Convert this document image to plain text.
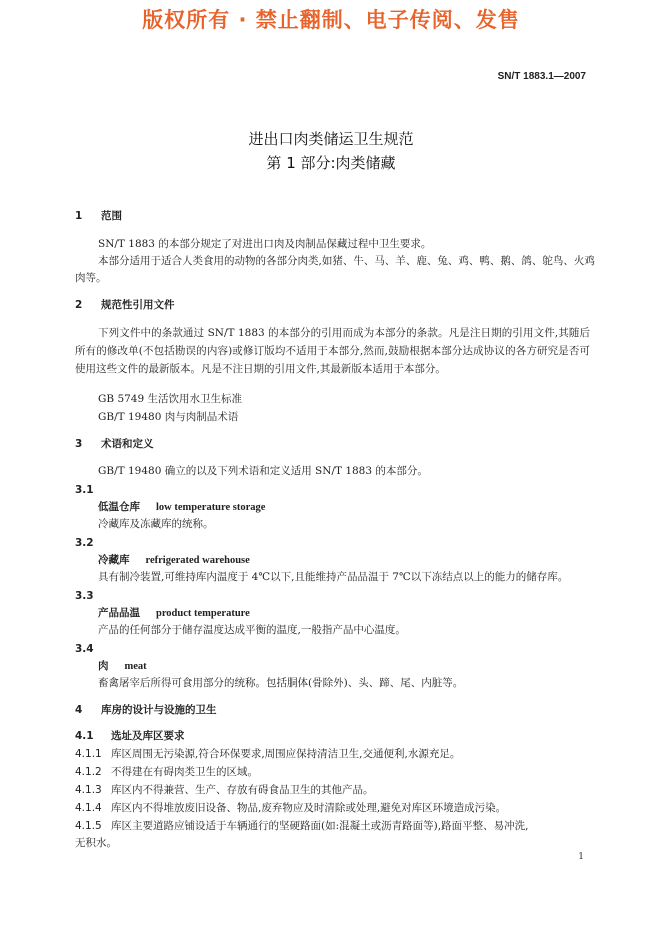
版权所有 · 禁止翻制、电子传阅、发售
SN/T 1883.1—2007
进出口肉类储运卫生规范
第 1 部分:肉类储藏
1 范围
SN/T 1883 的本部分规定了对进出口肉及肉制品保藏过程中卫生要求。
本部分适用于适合人类食用的动物的各部分肉类,如猪、牛、马、羊、鹿、兔、鸡、鸭、鹅、鸽、鸵鸟、火鸡
肉等。
2 规范性引用文件
下列文件中的条款通过 SN/T 1883 的本部分的引用而成为本部分的条款。凡是注日期的引用文件,其随后所有的修改单(不包括勘误的内容)或修订版均不适用于本部分,然而,鼓励根据本部分达成协议的各方研究是否可使用这些文件的最新版本。凡是不注日期的引用文件,其最新版本适用于本部分。
GB 5749 生活饮用水卫生标准
GB/T 19480 肉与肉制品术语
3 术语和定义
GB/T 19480 确立的以及下列术语和定义适用 SN/T 1883 的本部分。
3.1
低温仓库 low temperature storage
冷藏库及冻藏库的统称。
3.2
冷藏库 refrigerated warehouse
具有制冷装置,可维持库内温度于 4℃以下,且能维持产品品温于 7℃以下冻结点以上的能力的储存库。
3.3
产品品温 product temperature
产品的任何部分于储存温度达成平衡的温度,一般指产品中心温度。
3.4
肉 meat
畜禽屠宰后所得可食用部分的统称。包括胴体(骨除外)、头、蹄、尾、内脏等。
4 库房的设计与设施的卫生
4.1 选址及库区要求
4.1.1 库区周围无污染源,符合环保要求,周围应保持清洁卫生,交通便利,水源充足。
4.1.2 不得建在有碍肉类卫生的区域。
4.1.3 库区内不得兼营、生产、存放有碍食品卫生的其他产品。
4.1.4 库区内不得堆放废旧设备、物品,废弃物应及时清除或处理,避免对库区环境造成污染。
4.1.5 库区主要道路应铺设适于车辆通行的坚硬路面(如:混凝土或沥青路面等),路面平整、易冲洗,
无积水。
1
